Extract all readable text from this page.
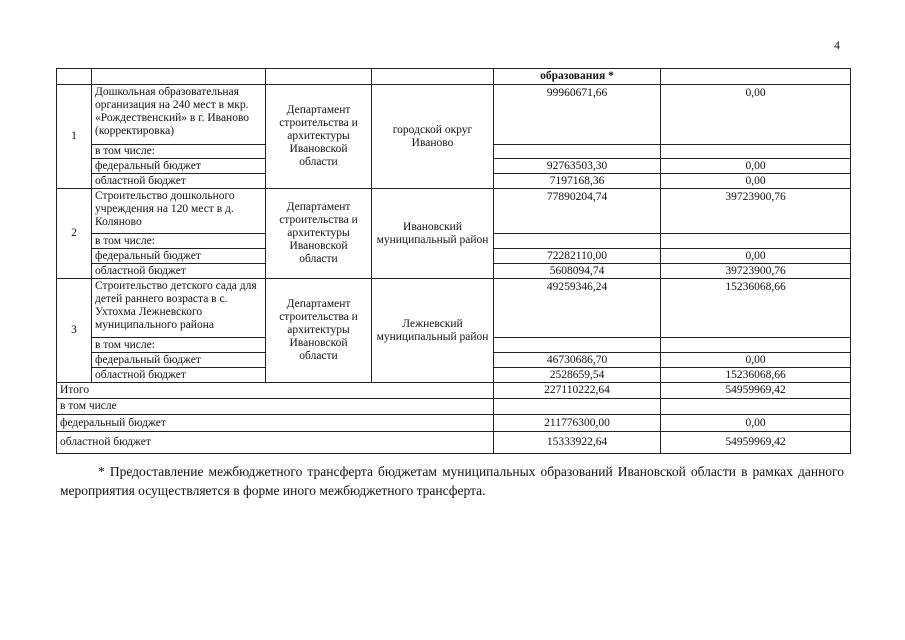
4
				образования *	
1	Дошкольная образовательная организация на 240 мест в мкр. «Рождественский» в г. Иваново (корректировка)	Департамент строительства и архитектуры Ивановской области	городской округ Иваново	99960671,66	0,00
	в том числе:				
	федеральный бюджет			92763503,30	0,00
	областной бюджет			7197168,36	0,00
2	Строительство дошкольного учреждения на 120 мест в д. Коляново	Департамент строительства и архитектуры Ивановской области	Ивановский муниципальный район	77890204,74	39723900,76
	в том числе:				
	федеральный бюджет			72282110,00	0,00
	областной бюджет			5608094,74	39723900,76
3	Строительство детского сада для детей раннего возраста в с. Ухтохма Лежневского муниципального района	Департамент строительства и архитектуры Ивановской области	Лежневский муниципальный район	49259346,24	15236068,66
	в том числе:				
	федеральный бюджет			46730686,70	0,00
	областной бюджет			2528659,54	15236068,66
Итого				227110222,64	54959969,42
в том числе					
федеральный бюджет				211776300,00	0,00
областной бюджет				15333922,64	54959969,42
* Предоставление межбюджетного трансферта бюджетам муниципальных образований Ивановской области в рамках данного мероприятия осуществляется в форме иного межбюджетного трансферта.
